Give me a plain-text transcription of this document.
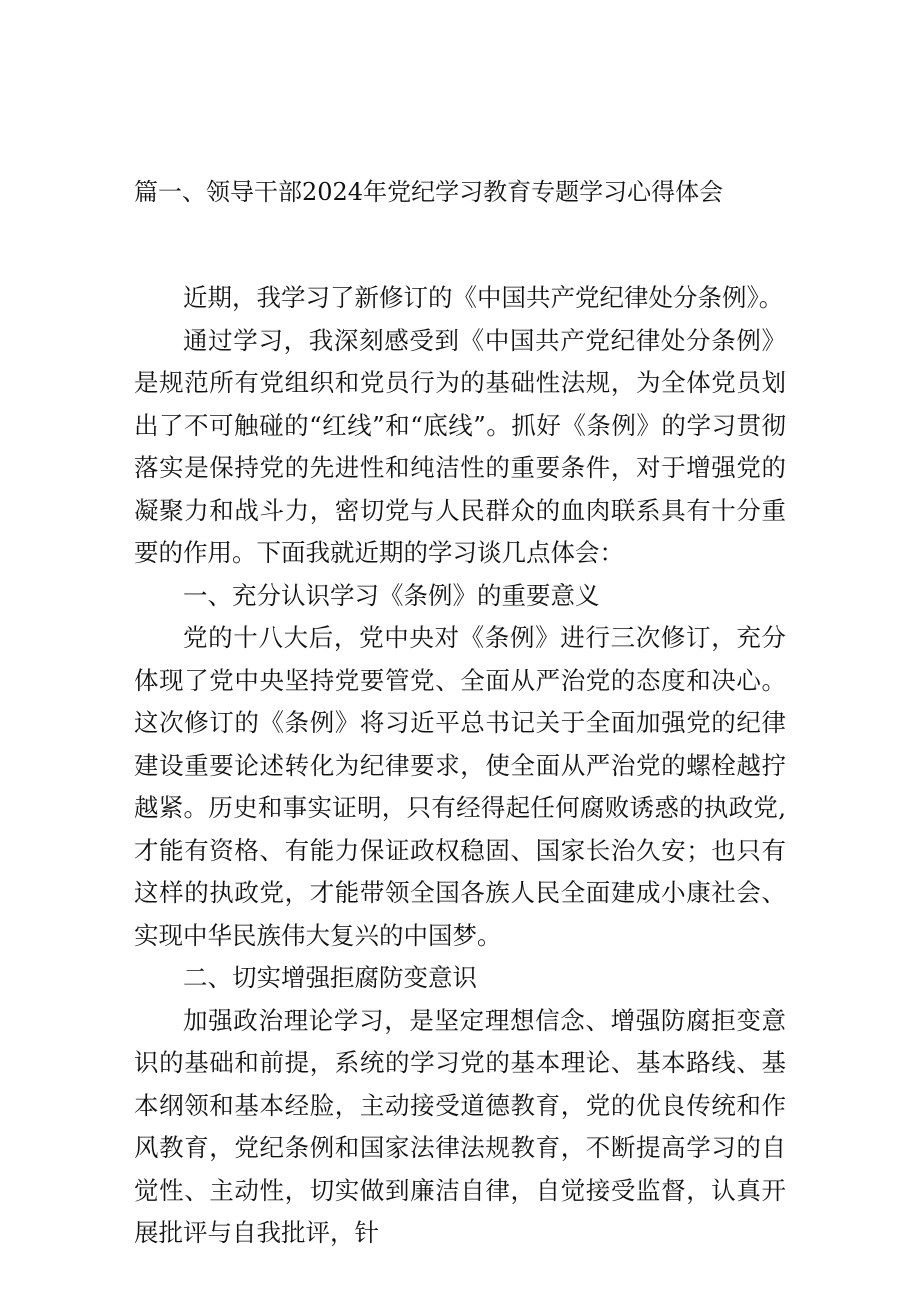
篇一、领导干部2024年党纪学习教育专题学习心得体会

近期，我学习了新修订的《中国共产党纪律处分条例》。

通过学习，我深刻感受到《中国共产党纪律处分条例》是规范所有党组织和党员行为的基础性法规，为全体党员划出了不可触碰的“红线”和“底线”。抓好《条例》的学习贯彻落实是保持党的先进性和纯洁性的重要条件，对于增强党的凝聚力和战斗力，密切党与人民群众的血肉联系具有十分重要的作用。下面我就近期的学习谈几点体会：

一、充分认识学习《条例》的重要意义

党的十八大后，党中央对《条例》进行三次修订，充分体现了党中央坚持党要管党、全面从严治党的态度和决心。这次修订的《条例》将习近平总书记关于全面加强党的纪律建设重要论述转化为纪律要求，使全面从严治党的螺栓越拧越紧。历史和事实证明，只有经得起任何腐败诱惑的执政党,才能有资格、有能力保证政权稳固、国家长治久安；也只有这样的执政党，才能带领全国各族人民全面建成小康社会、实现中华民族伟大复兴的中国梦。

二、切实增强拒腐防变意识

加强政治理论学习，是坚定理想信念、增强防腐拒变意识的基础和前提，系统的学习党的基本理论、基本路线、基本纲领和基本经脸，主动接受道德教育，党的优良传统和作风教育，党纪条例和国家法律法规教育，不断提高学习的自觉性、主动性，切实做到廉洁自律，自觉接受监督，认真开展批评与自我批评，针
